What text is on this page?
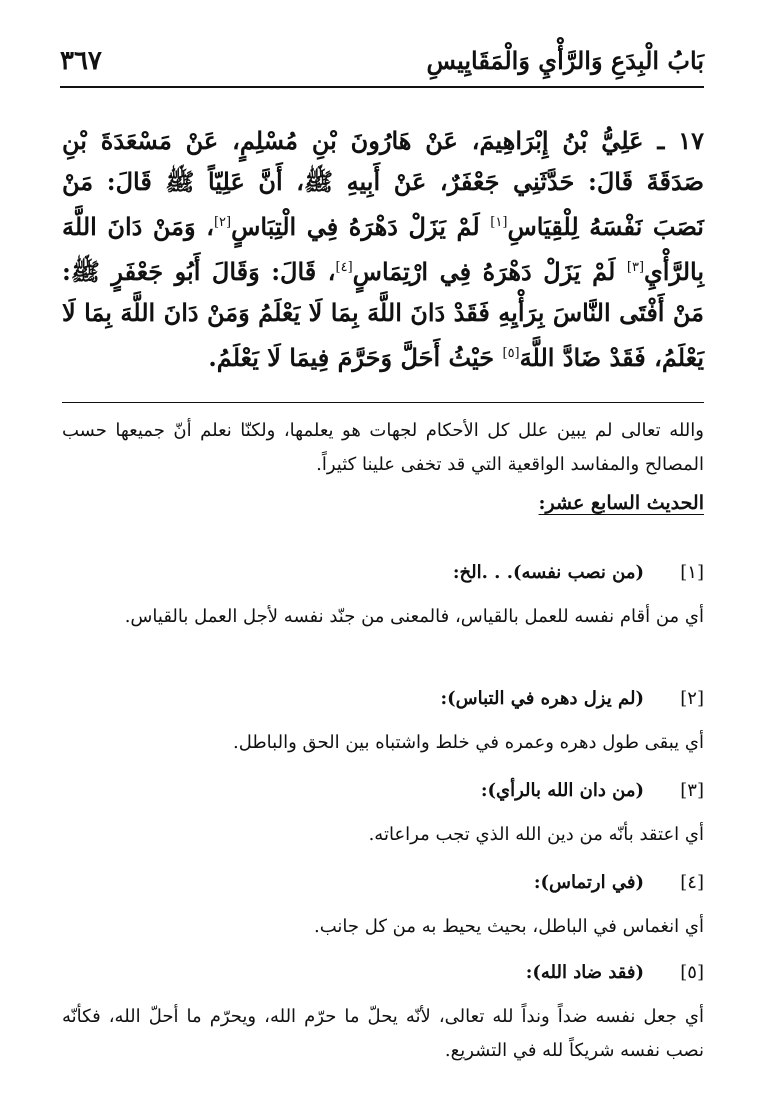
بَابُ الْبِدَعِ وَالرَّأْيِ وَالْمَقَايِيسِ
٣٦٧
١٧ ـ عَلِيُّ بْنُ إِبْرَاهِيمَ، عَنْ هَارُونَ بْنِ مُسْلِمٍ، عَنْ مَسْعَدَةَ بْنِ صَدَقَةَ قَالَ: حَدَّثَنِي جَعْفَرٌ، عَنْ أَبِيهِ ﷺ، أَنَّ عَلِيّاً ﷺ قَالَ: مَنْ نَصَبَ نَفْسَهُ لِلْقِيَاسِ[١] لَمْ يَزَلْ دَهْرَهُ فِي الْتِبَاسٍ[٢]، وَمَنْ دَانَ اللَّهَ بِالرَّأْيِ[٣] لَمْ يَزَلْ دَهْرَهُ فِي ارْتِمَاسٍ[٤]، قَالَ: وَقَالَ أَبُو جَعْفَرٍ ﷺ: مَنْ أَفْتَى النَّاسَ بِرَأْيِهِ فَقَدْ دَانَ اللَّهَ بِمَا لَا يَعْلَمُ وَمَنْ دَانَ اللَّهَ بِمَا لَا يَعْلَمُ، فَقَدْ ضَادَّ اللَّهَ[٥] حَيْثُ أَحَلَّ وَحَرَّمَ فِيمَا لَا يَعْلَمُ.
والله تعالى لم يبين علل كل الأحكام لجهات هو يعلمها، ولكنّا نعلم أنّ جميعها حسب المصالح والمفاسد الواقعية التي قد تخفى علينا كثيراً.
الحديث السابع عشر:
[١]
(من نصب نفسه). . .الخ:
أي من أقام نفسه للعمل بالقياس، فالمعنى من جنّد نفسه لأجل العمل بالقياس.
[٢]
(لم يزل دهره في التباس):
أي يبقى طول دهره وعمره في خلط واشتباه بين الحق والباطل.
[٣]
(من دان الله بالرأي):
أي اعتقد بأنّه من دين الله الذي تجب مراعاته.
[٤]
(في ارتماس):
أي انغماس في الباطل، بحيث يحيط به من كل جانب.
[٥]
(فقد ضاد الله):
أي جعل نفسه ضداً ونداً لله تعالى، لأنّه يحلّ ما حرّم الله، ويحرّم ما أحلّ الله، فكأنّه نصب نفسه شريكاً لله في التشريع.
